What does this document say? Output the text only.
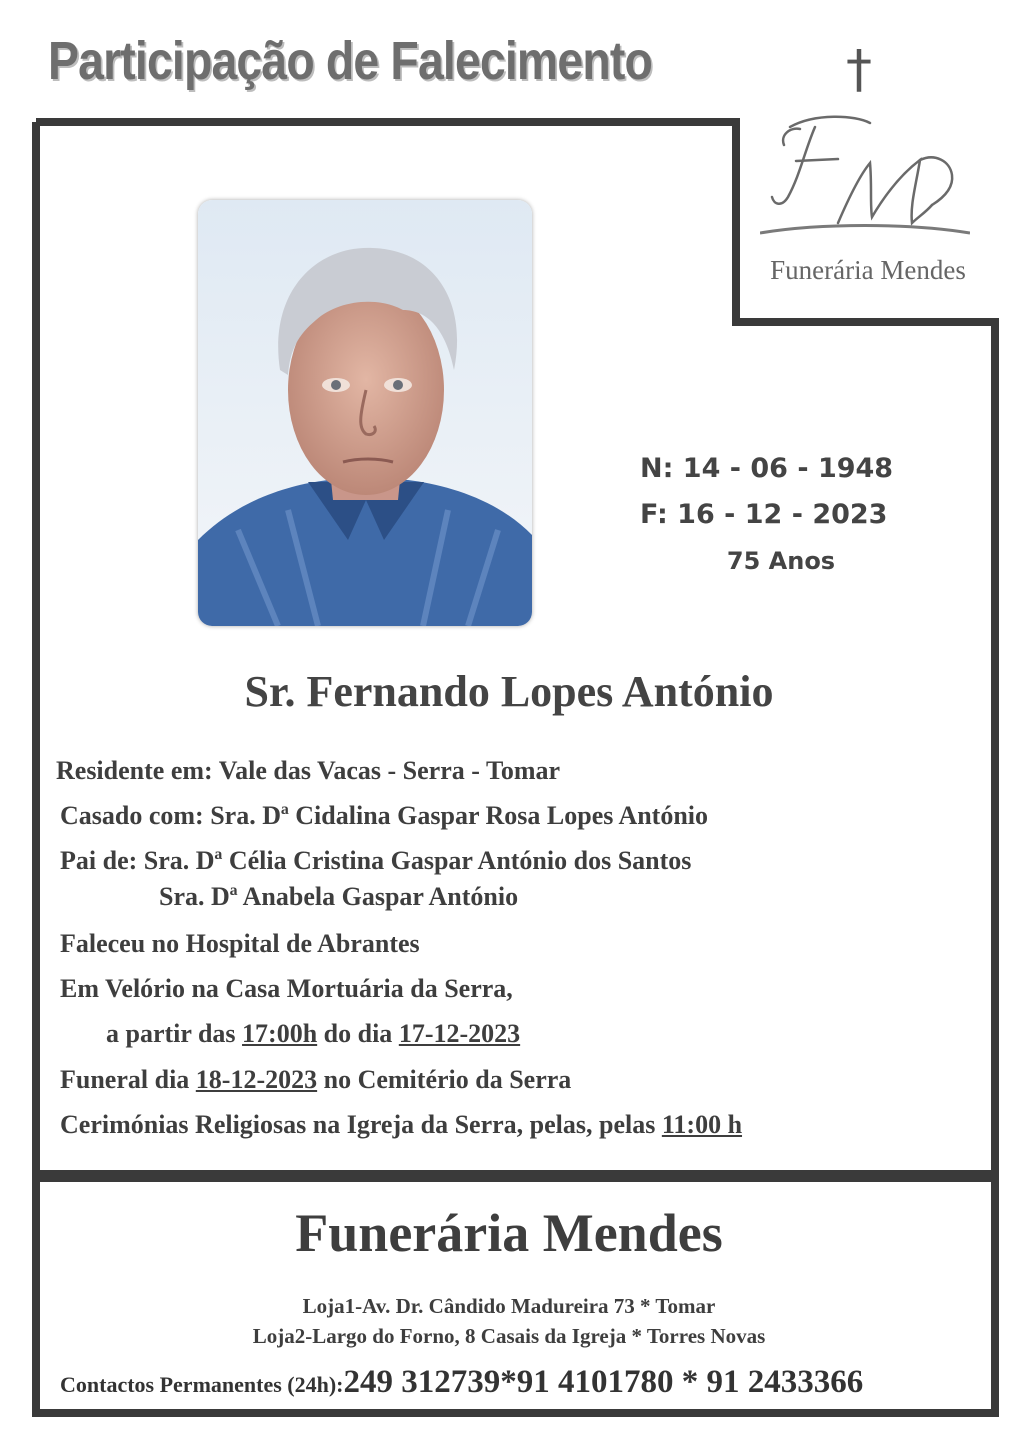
Participação de Falecimento	†
Funerária Mendes
N: 14 - 06 - 1948
F: 16 - 12 - 2023
75 Anos
Sr. Fernando Lopes António
Residente em: Vale das Vacas - Serra - Tomar
Casado com: Sra. Dª Cidalina Gaspar Rosa Lopes António
Pai de: Sra. Dª Célia Cristina Gaspar António dos Santos
Sra. Dª Anabela Gaspar António
Faleceu no Hospital de Abrantes
Em Velório na Casa Mortuária da Serra,
a partir das 17:00h do dia 17-12-2023
Funeral dia 18-12-2023 no Cemitério da Serra
Cerimónias Religiosas na Igreja da Serra, pelas, pelas 11:00 h
Funerária Mendes
Loja1-Av. Dr. Cândido Madureira 73 * Tomar
Loja2-Largo do Forno, 8 Casais da Igreja * Torres Novas
Contactos Permanentes (24h):249 312739*91 4101780 * 91 2433366
